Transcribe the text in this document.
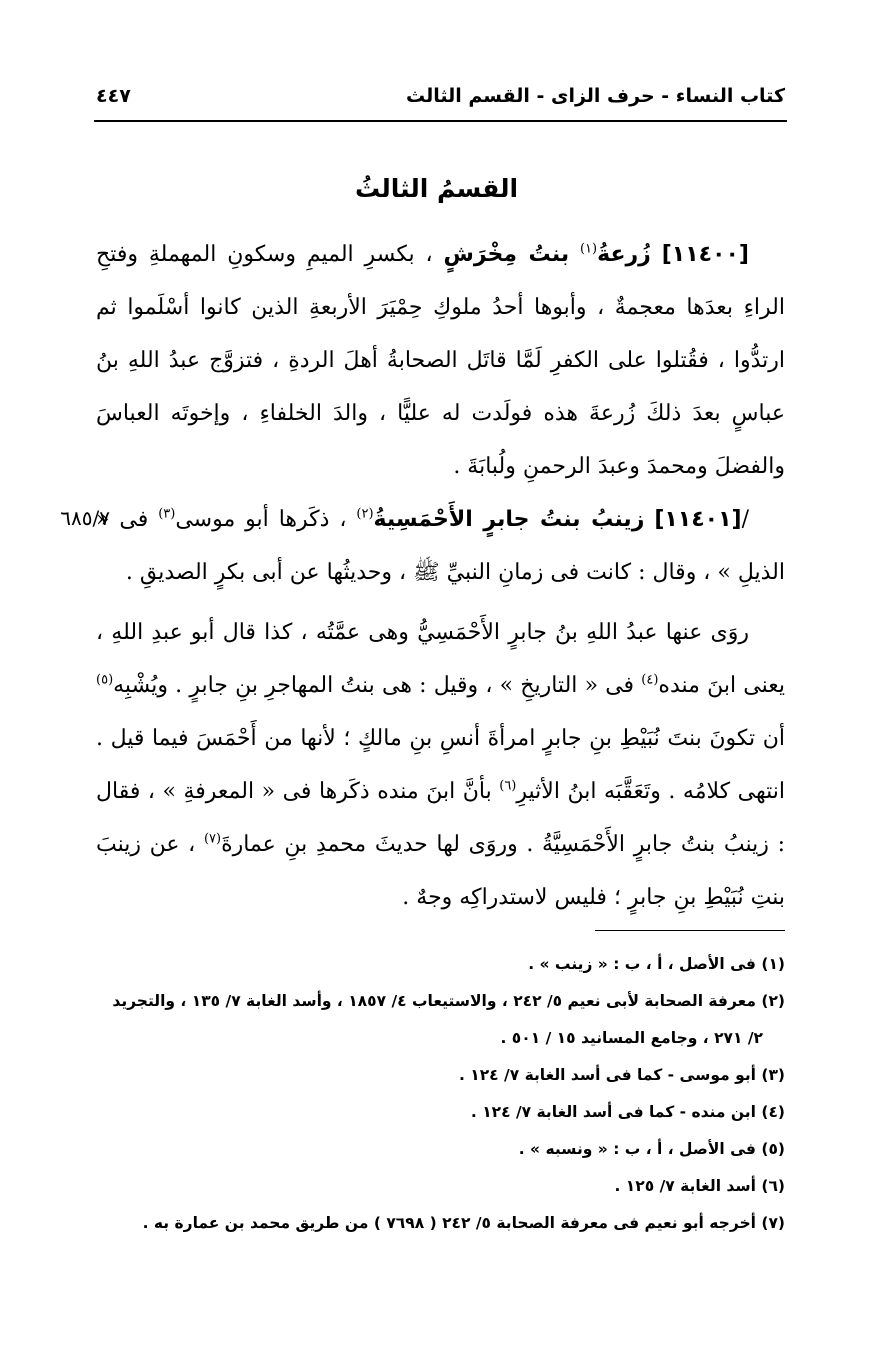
كتاب النساء - حرف الزاى - القسم الثالث
٤٤٧
القسمُ الثالثُ

[١١٤٠٠] زُرعةُ$^{(١)}$ بنتُ مِخْرَشٍ ، بكسرِ الميمِ وسكونِ المهملةِ وفتحِ الراءِ بعدَها معجمةٌ ، وأبوها أحدُ ملوكِ حِمْيَرَ الأربعةِ الذين كانوا أسْلَموا ثم ارتدُّوا ، فقُتلوا على الكفرِ لَمَّا قاتَل الصحابةُ أهلَ الردةِ ، فتزوَّج عبدُ اللهِ بنُ عباسٍ بعدَ ذلكَ زُرعةَ هذه فولَدت له عليًّا ، والدَ الخلفاءِ ، وإخوتَه العباسَ والفضلَ ومحمدَ وعبدَ الرحمنِ ولُبابَةَ .

٦٨٥/٧	/[١١٤٠١] زينبُ بنتُ جابرٍ الأَحْمَسِيةُ$^{(٢)}$ ، ذكَرها أبو موسى$^{(٣)}$ فى « الذيلِ » ، وقال : كانت فى زمانِ النبيِّ ﷺ ، وحديثُها عن أبى بكرٍ الصديقِ .

روَى عنها عبدُ اللهِ بنُ جابرٍ الأَحْمَسِيُّ وهى عمَّتُه ، كذا قال أبو عبدِ اللهِ ، يعنى ابنَ منده$^{(٤)}$ فى « التاريخِ » ، وقيل : هى بنتُ المهاجرِ بنِ جابرٍ . ويُشْبِه$^{(٥)}$ أن تكونَ بنتَ نُبَيْطِ بنِ جابرٍ امرأةَ أنسِ بنِ مالكٍ ؛ لأنها من أَحْمَسَ فيما قيل . انتهى كلامُه . وتَعَقَّبَه ابنُ الأثيرِ$^{(٦)}$ بأنَّ ابنَ منده ذكَرها فى « المعرفةِ » ، فقال : زينبُ بنتُ جابرٍ الأَحْمَسِيَّةُ . وروَى لها حديثَ محمدِ بنِ عمارةَ$^{(٧)}$ ، عن زينبَ بنتِ نُبَيْطِ بنِ جابرٍ ؛ فليس لاستدراكِه وجهٌ .

(١) فى الأصل ، أ ، ب : « زينب » .

(٢) معرفة الصحابة لأبى نعيم ٥/ ٢٤٢ ، والاستيعاب ٤/ ١٨٥٧ ، وأسد الغابة ٧/ ١٣٥ ، والتجريد

٢/ ٢٧١ ، وجامع المسانيد ١٥ / ٥٠١ .

(٣) أبو موسى - كما فى أسد الغابة ٧/ ١٢٤ .

(٤) ابن منده - كما فى أسد الغابة ٧/ ١٢٤ .

(٥) فى الأصل ، أ ، ب : « ونسبه » .

(٦) أسد الغابة ٧/ ١٢٥ .

(٧) أخرجه أبو نعيم فى معرفة الصحابة ٥/ ٢٤٢ ( ٧٦٩٨ ) من طريق محمد بن عمارة به .
